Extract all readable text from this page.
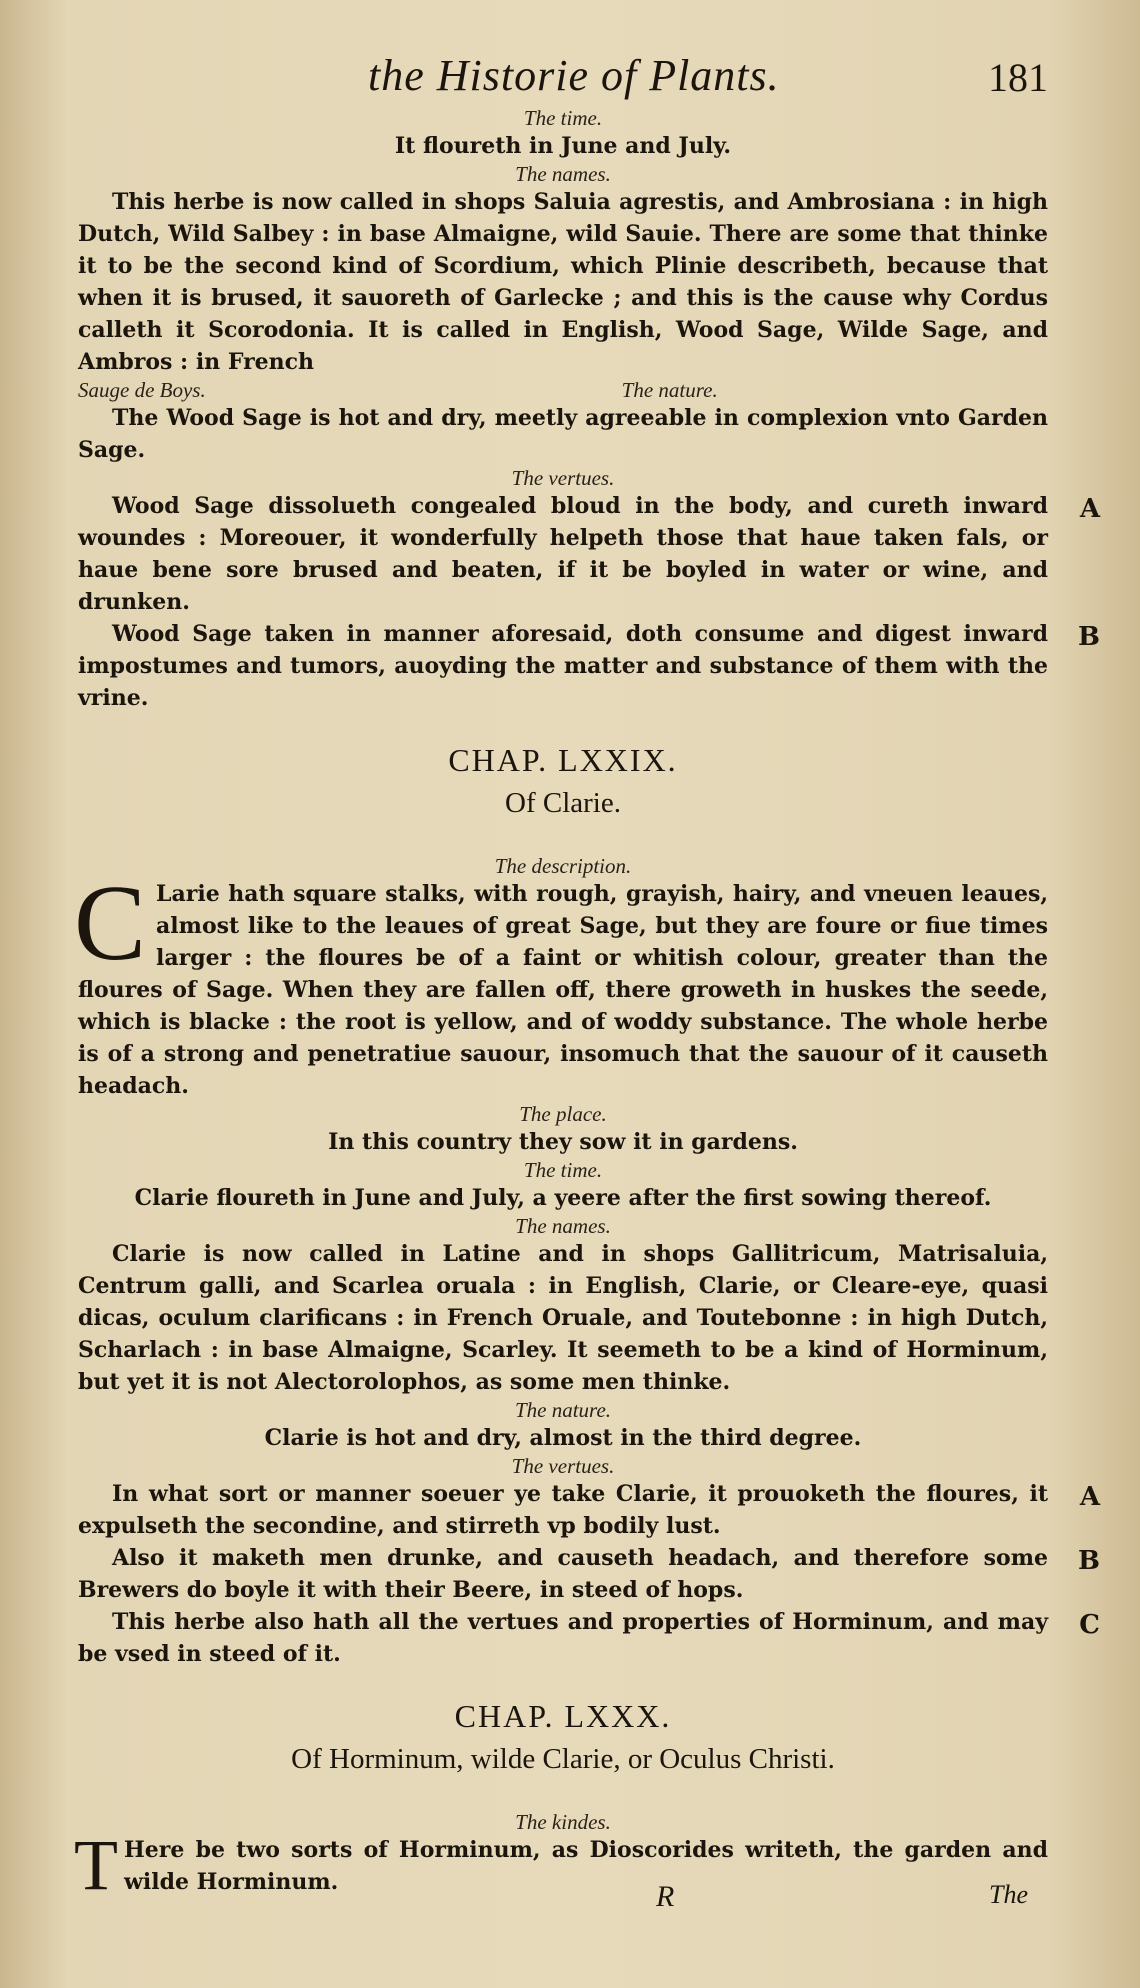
the Historie of Plants.	181

The time.

It floureth in June and July.

The names.

This herbe is now called in shops Saluia agrestis, and Ambrosiana : in high Dutch, Wild Salbey : in base Almaigne, wild Sauie. There are some that thinke it to be the second kind of Scordium, which Plinie describeth, because that when it is brused, it sauoreth of Garlecke ; and this is the cause why Cordus calleth it Scorodonia. It is called in English, Wood Sage, Wilde Sage, and Ambros : in French

Sauge de Boys.	The nature.

The Wood Sage is hot and dry, meetly agreeable in complexion vnto Garden Sage.

The vertues.

A

Wood Sage dissolueth congealed bloud in the body, and cureth inward woundes : Moreouer, it wonderfully helpeth those that haue taken fals, or haue bene sore brused and beaten, if it be boyled in water or wine, and drunken.

B

Wood Sage taken in manner aforesaid, doth consume and digest inward impostumes and tumors, auoyding the matter and substance of them with the vrine.

CHAP. LXXIX.

Of Clarie.

The description.

C Larie hath square stalks, with rough, grayish, hairy, and vneuen leaues, almost like to the leaues of great Sage, but they are foure or fiue times larger : the floures be of a faint or whitish colour, greater than the floures of Sage. When they are fallen off, there groweth in huskes the seede, which is blacke : the root is yellow, and of woddy substance. The whole herbe is of a strong and penetratiue sauour, insomuch that the sauour of it causeth headach.

The place.

In this country they sow it in gardens.

The time.

Clarie floureth in June and July, a yeere after the first sowing thereof.

The names.

Clarie is now called in Latine and in shops Gallitricum, Matrisaluia, Centrum galli, and Scarlea oruala : in English, Clarie, or Cleare-eye, quasi dicas, oculum clarificans : in French Oruale, and Toutebonne : in high Dutch, Scharlach : in base Almaigne, Scarley. It seemeth to be a kind of Horminum, but yet it is not Alectorolophos, as some men thinke.

The nature.

Clarie is hot and dry, almost in the third degree.

The vertues.

A

In what sort or manner soeuer ye take Clarie, it prouoketh the floures, it expulseth the secondine, and stirreth vp bodily lust.

B

Also it maketh men drunke, and causeth headach, and therefore some Brewers do boyle it with their Beere, in steed of hops.

C

This herbe also hath all the vertues and properties of Horminum, and may be vsed in steed of it.

CHAP. LXXX.

Of Horminum, wilde Clarie, or Oculus Christi.

The kindes.

T Here be two sorts of Horminum, as Dioscorides writeth, the garden and wilde Horminum.	R	The
